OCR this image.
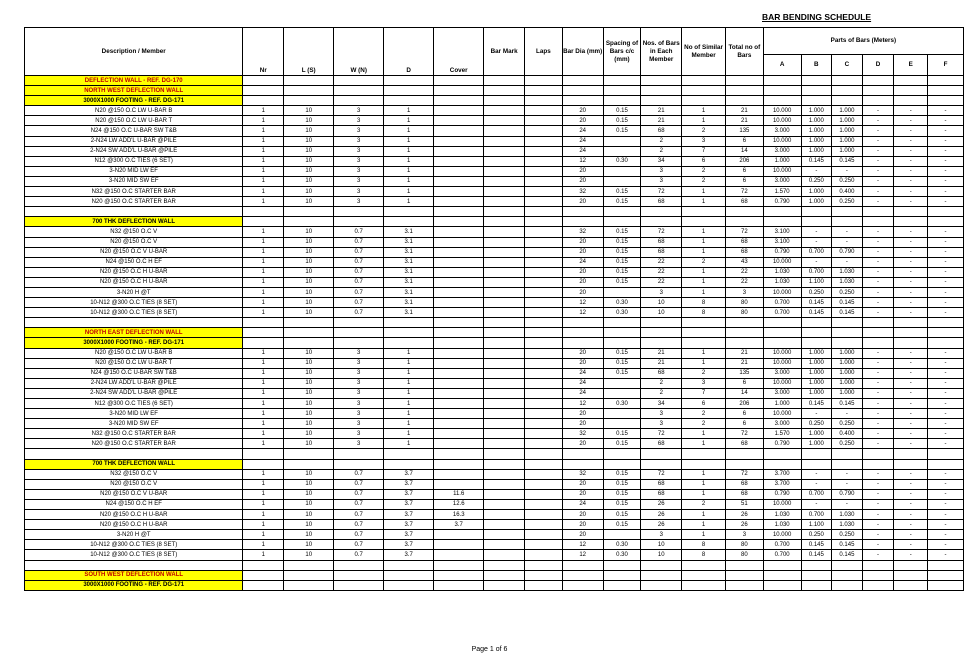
BAR BENDING SCHEDULE
Description / Member	Nr	L (S)	W (N)	D	Cover	Bar Mark	Laps	Bar Dia (mm)	Spacing of Bars c/c (mm)	Nos. of Bars in Each Member	No of Similar Member	Total no of Bars	Parts of Bars (Meters)					
													A	B	C	D	E	F
DEFLECTION WALL - REF. DG-170																		
NORTH WEST DEFLECTION WALL																		
3000X1000 FOOTING - REF. DG-171																		
N20 @150 O.C LW U-BAR B	1	10	3	1				20	0.15	21	1	21	10.000	1.000	1.000	-	-	-
N20 @150 O.C LW U-BAR T	1	10	3	1				20	0.15	21	1	21	10.000	1.000	1.000	-	-	-
N24 @150 O.C U-BAR SW T&B	1	10	3	1				24	0.15	68	2	135	3.000	1.000	1.000	-	-	-
2-N24 LW ADD'L U-BAR @PILE	1	10	3	1				24		2	3	6	10.000	1.000	1.000	-	-	-
2-N24 SW ADD'L U-BAR @PILE	1	10	3	1				24		2	7	14	3.000	1.000	1.000	-	-	-
N12 @300 O.C TIES (6 SET)	1	10	3	1				12	0.30	34	6	206	1.000	0.145	0.145	-	-	-
3-N20 MID LW EF	1	10	3	1				20		3	2	6	10.000	-	-	-	-	-
3-N20 MID SW EF	1	10	3	1				20		3	2	6	3.000	0.250	0.250	-	-	-
N32 @150 O.C STARTER BAR	1	10	3	1				32	0.15	72	1	72	1.570	1.000	0.400	-	-	-
N20 @150 O.C STARTER BAR	1	10	3	1				20	0.15	68	1	68	0.790	1.000	0.250	-	-	-

700 THK DEFLECTION WALL																		
N32 @150 O.C V	1	10	0.7	3.1				32	0.15	72	1	72	3.100	-	-	-	-	-
N20 @150 O.C V	1	10	0.7	3.1				20	0.15	68	1	68	3.100	-	-	-	-	-
N20 @150 O.C V U-BAR	1	10	0.7	3.1				20	0.15	68	1	68	0.790	0.700	0.790	-	-	-
N24 @150 O.C H EF	1	10	0.7	3.1				24	0.15	22	2	43	10.000	-	-	-	-	-
N20 @150 O.C H U-BAR	1	10	0.7	3.1				20	0.15	22	1	22	1.030	0.700	1.030	-	-	-
N20 @150 O.C H U-BAR	1	10	0.7	3.1				20	0.15	22	1	22	1.030	1.100	1.030	-	-	-
3-N20 H @T	1	10	0.7	3.1				20		3	1	3	10.000	0.250	0.250	-	-	-
10-N12 @300 O.C TIES (8 SET)	1	10	0.7	3.1				12	0.30	10	8	80	0.700	0.145	0.145	-	-	-
10-N12 @300 O.C TIES (8 SET)	1	10	0.7	3.1				12	0.30	10	8	80	0.700	0.145	0.145	-	-	-

NORTH EAST DEFLECTION WALL																		
3000X1000 FOOTING - REF. DG-171																		
N20 @150 O.C LW U-BAR B	1	10	3	1				20	0.15	21	1	21	10.000	1.000	1.000	-	-	-
N20 @150 O.C LW U-BAR T	1	10	3	1				20	0.15	21	1	21	10.000	1.000	1.000	-	-	-
N24 @150 O.C U-BAR SW T&B	1	10	3	1				24	0.15	68	2	135	3.000	1.000	1.000	-	-	-
2-N24 LW ADD'L U-BAR @PILE	1	10	3	1				24		2	3	6	10.000	1.000	1.000	-	-	-
2-N24 SW ADD'L U-BAR @PILE	1	10	3	1				24		2	7	14	3.000	1.000	1.000	-	-	-
N12 @300 O.C TIES (6 SET)	1	10	3	1				12	0.30	34	6	206	1.000	0.145	0.145	-	-	-
3-N20 MID LW EF	1	10	3	1				20		3	2	6	10.000	-	-	-	-	-
3-N20 MID SW EF	1	10	3	1				20		3	2	6	3.000	0.250	0.250	-	-	-
N32 @150 O.C STARTER BAR	1	10	3	1				32	0.15	72	1	72	1.570	1.000	0.400	-	-	-
N20 @150 O.C STARTER BAR	1	10	3	1				20	0.15	68	1	68	0.790	1.000	0.250	-	-	-

700 THK DEFLECTION WALL																		
N32 @150 O.C V	1	10	0.7	3.7				32	0.15	72	1	72	3.700	-	-	-	-	-
N20 @150 O.C V	1	10	0.7	3.7				20	0.15	68	1	68	3.700	-	-	-	-	-
N20 @150 O.C V U-BAR	1	10	0.7	3.7	11.6			20	0.15	68	1	68	0.790	0.700	0.790	-	-	-
N24 @150 O.C H EF	1	10	0.7	3.7	12.6			24	0.15	26	2	51	10.000	-	-	-	-	-
N20 @150 O.C H U-BAR	1	10	0.7	3.7	16.3			20	0.15	26	1	26	1.030	0.700	1.030	-	-	-
N20 @150 O.C H U-BAR	1	10	0.7	3.7	3.7			20	0.15	26	1	26	1.030	1.100	1.030	-	-	-
3-N20 H @T	1	10	0.7	3.7				20		3	1	3	10.000	0.250	0.250	-	-	-
10-N12 @300 O.C TIES (8 SET)	1	10	0.7	3.7				12	0.30	10	8	80	0.700	0.145	0.145	-	-	-
10-N12 @300 O.C TIES (8 SET)	1	10	0.7	3.7				12	0.30	10	8	80	0.700	0.145	0.145	-	-	-

SOUTH WEST DEFLECTION WALL																		
3000X1000 FOOTING - REF. DG-171																		
Page 1 of 6
